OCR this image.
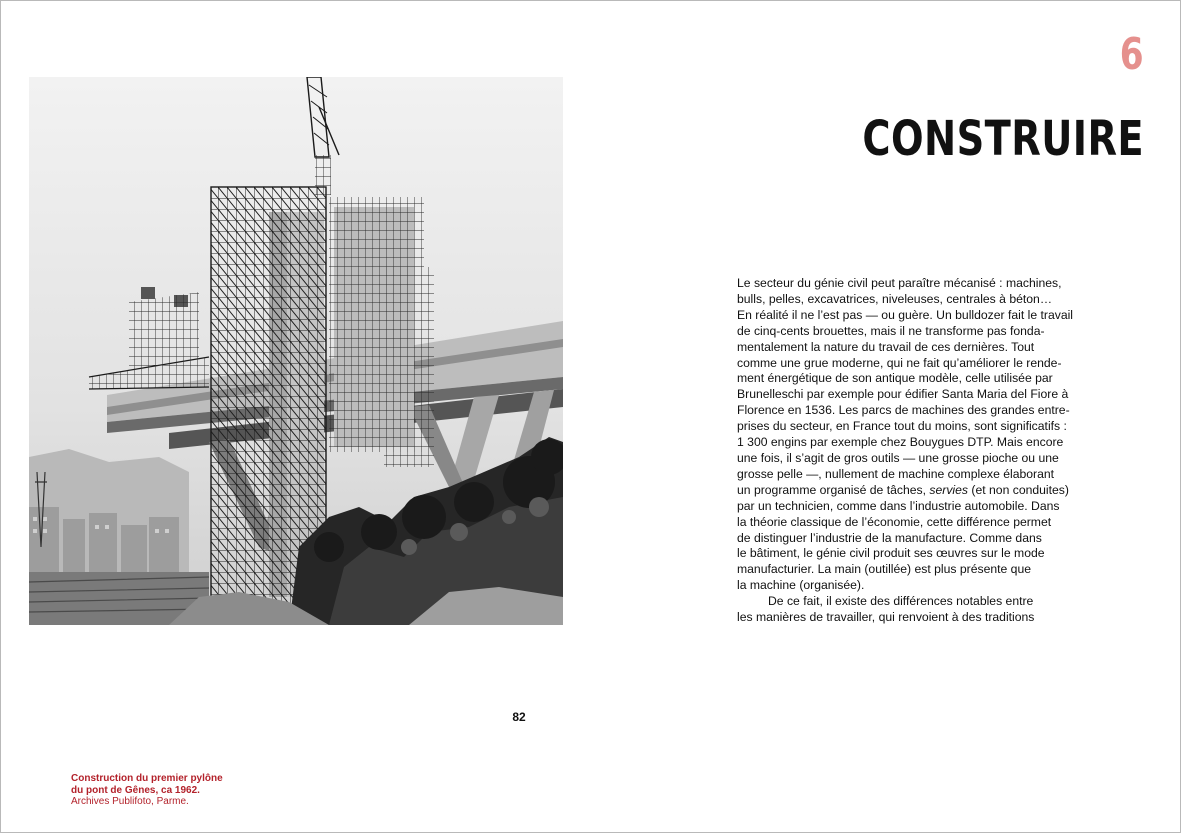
82
Construction du premier pylône
du pont de Gênes, ca 1962.
Archives Publifoto, Parme.
6
CONSTRUIRE
Le secteur du génie civil peut paraître mécanisé : machines,
bulls, pelles, excavatrices, niveleuses, centrales à béton…
En réalité il ne l’est pas — ou guère. Un bulldozer fait le travail
de cinq-cents brouettes, mais il ne transforme pas fonda-
mentalement la nature du travail de ces dernières. Tout
comme une grue moderne, qui ne fait qu’améliorer le rende-
ment énergétique de son antique modèle, celle utilisée par
Brunelleschi par exemple pour édifier Santa Maria del Fiore à
Florence en 1536. Les parcs de machines des grandes entre-
prises du secteur, en France tout du moins, sont significatifs :
1 300 engins par exemple chez Bouygues DTP. Mais encore
une fois, il s’agit de gros outils — une grosse pioche ou une
grosse pelle —, nullement de machine complexe élaborant
un programme organisé de tâches, servies (et non conduites)
par un technicien, comme dans l’industrie automobile. Dans
la théorie classique de l’économie, cette différence permet
de distinguer l’industrie de la manufacture. Comme dans
le bâtiment, le génie civil produit ses œuvres sur le mode
manufacturier. La main (outillée) est plus présente que
la machine (organisée).
De ce fait, il existe des différences notables entre
les manières de travailler, qui renvoient à des traditions
